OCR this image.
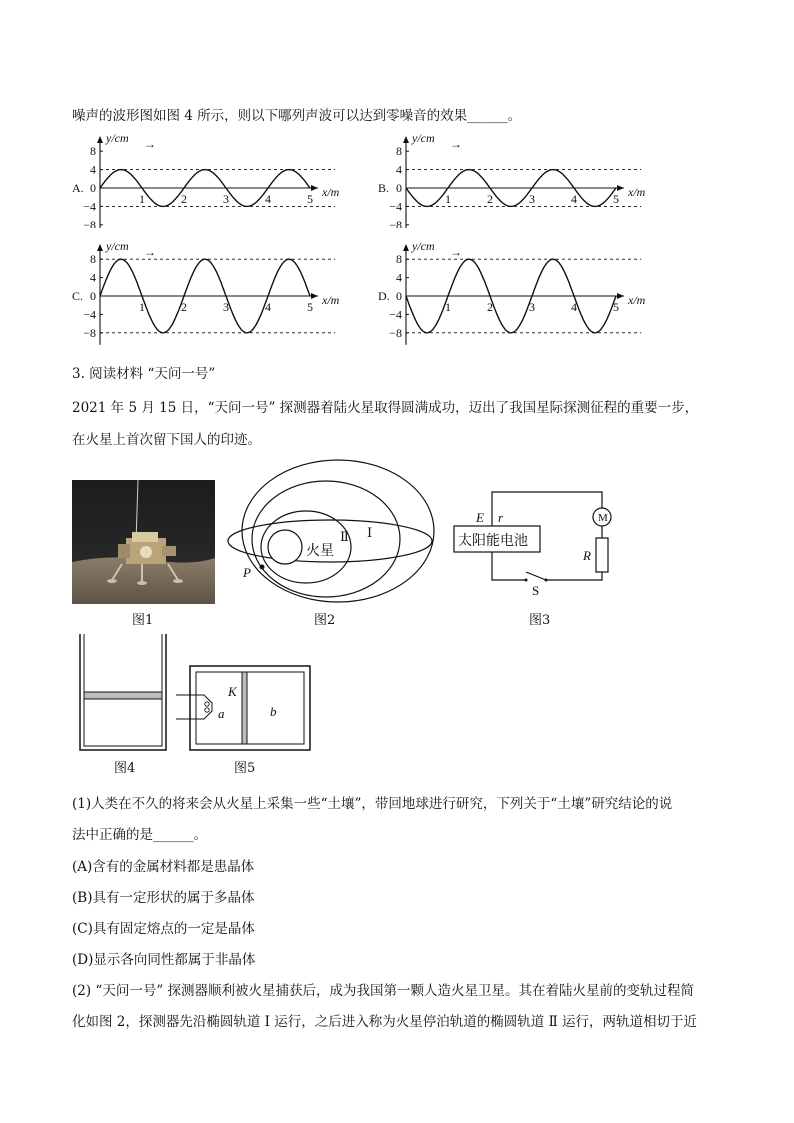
噪声的波形图如图 4 所示，则以下哪列声波可以达到零噪音的效果______。
A.
y/cm →
x/m
8
4
0
−4
−8
1	2	3	4	5
B.
y/cm →
x/m
8
4
0
−4
−8
1	2	3	4	5
C.
y/cm →
x/m
8
4
0
−4
−8
1	2	3	4	5
D.
y/cm →
x/m
8
4
0
−4
−8
1	2	3	4	5
3. 阅读材料 “天问一号”
2021 年 5 月 15 日，“天问一号” 探测器着陆火星取得圆满成功，迈出了我国星际探测征程的重要一步，
在火星上首次留下国人的印迹。
图1
火星
Ⅱ Ⅰ
P
图2
M
太阳能电池
E r
R
S
图3
图4
K
a	b
图5
(1)人类在不久的将来会从火星上采集一些“土壤”，带回地球进行研究，下列关于“土壤”研究结论的说
法中正确的是______。
(A)含有的金属材料都是患晶体
(B)具有一定形状的属于多晶体
(C)具有固定熔点的一定是晶体
(D)显示各向同性都属于非晶体
(2) “天问一号” 探测器顺利被火星捕获后，成为我国第一颗人造火星卫星。其在着陆火星前的变轨过程简
化如图 2，探测器先沿椭圆轨道 Ⅰ 运行，之后进入称为火星停泊轨道的椭圆轨道 Ⅱ 运行，两轨道相切于近
